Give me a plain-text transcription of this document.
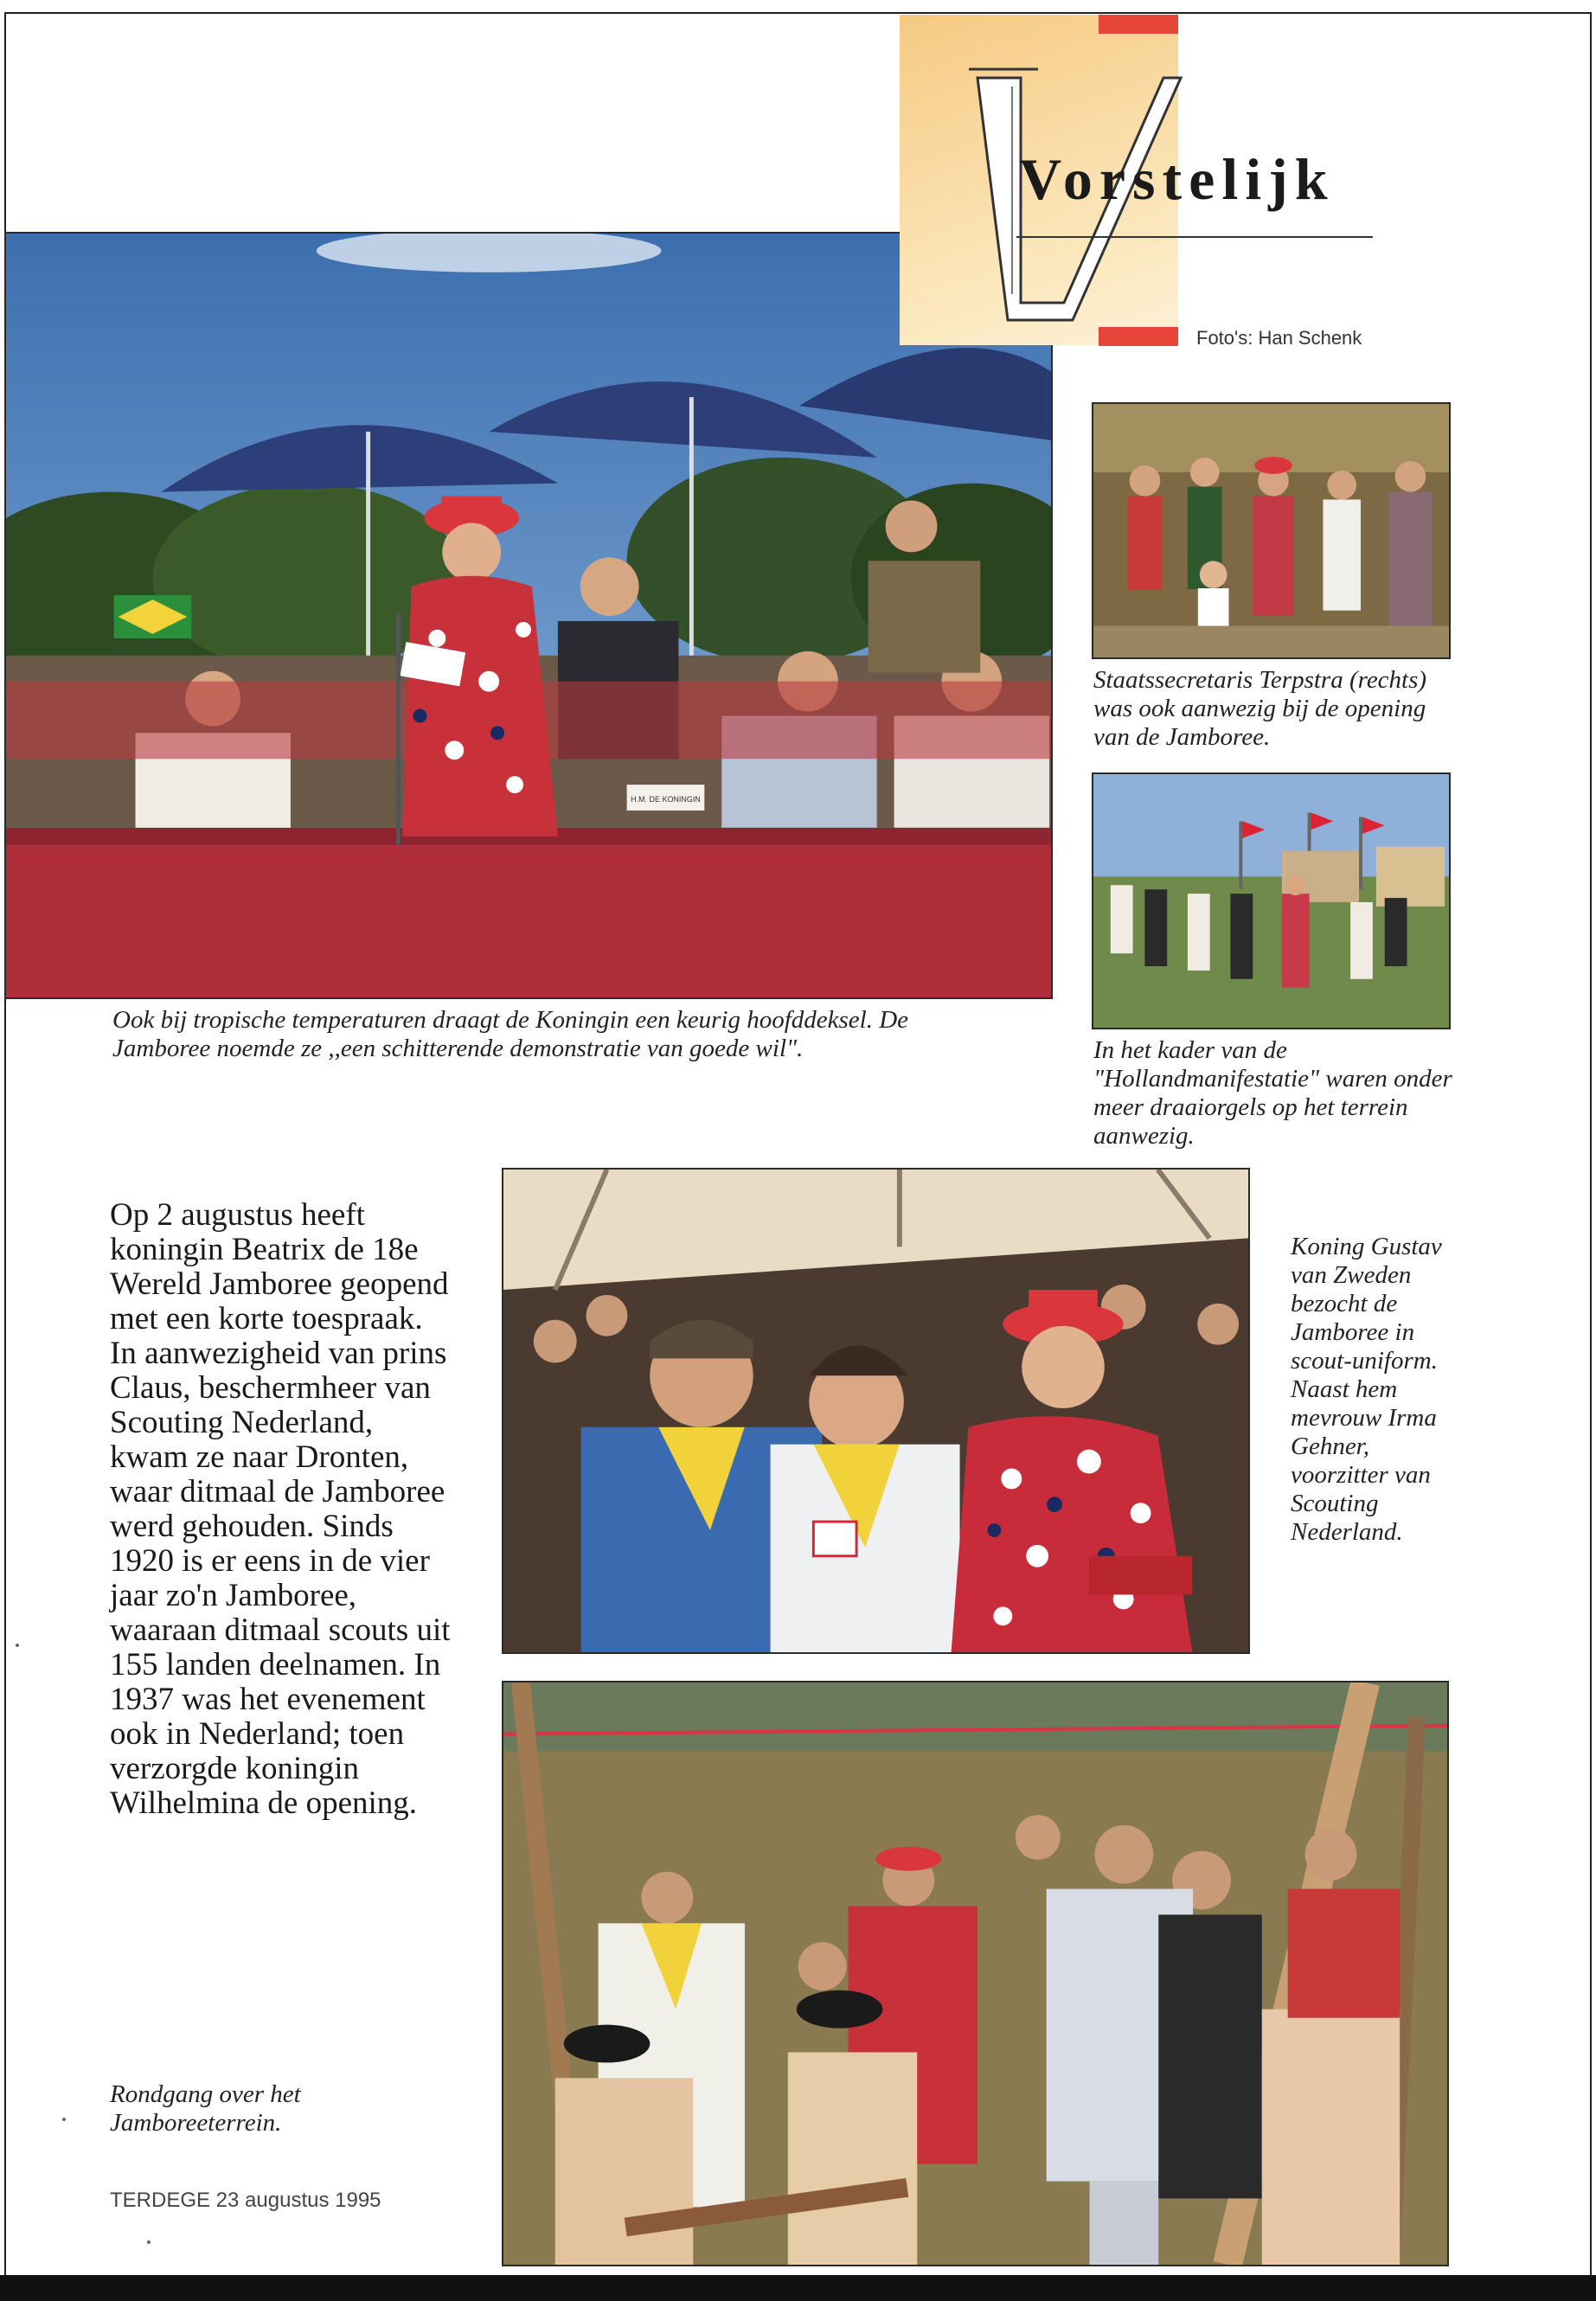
H.M. DE KONINGIN
Vorstelijk
Foto's: Han Schenk
Ook bij tropische temperaturen draagt de Koningin een keurig hoofddeksel. De Jamboree noemde ze ,,een schitterende demonstratie van goede wil".
Staatssecretaris Terpstra (rechts) was ook aanwezig bij de opening van de Jamboree.
In het kader van de "Hollandmanifestatie" waren onder meer draaiorgels op het terrein aanwezig.
Op 2 augustus heeft koningin Beatrix de 18e Wereld Jamboree geopend met een korte toespraak. In aanwezigheid van prins Claus, beschermheer van Scouting Nederland, kwam ze naar Dronten, waar ditmaal de Jamboree werd gehouden. Sinds 1920 is er eens in de vier jaar zo'n Jamboree, waaraan ditmaal scouts uit 155 landen deelnamen. In 1937 was het evenement ook in Nederland; toen verzorgde koningin Wilhelmina de opening.
Koning Gustav van Zweden bezocht de Jamboree in scout-uniform. Naast hem mevrouw Irma Gehner, voorzitter van Scouting Nederland.
Rondgang over het Jamboreeterrein.
TERDEGE 23 augustus 1995
